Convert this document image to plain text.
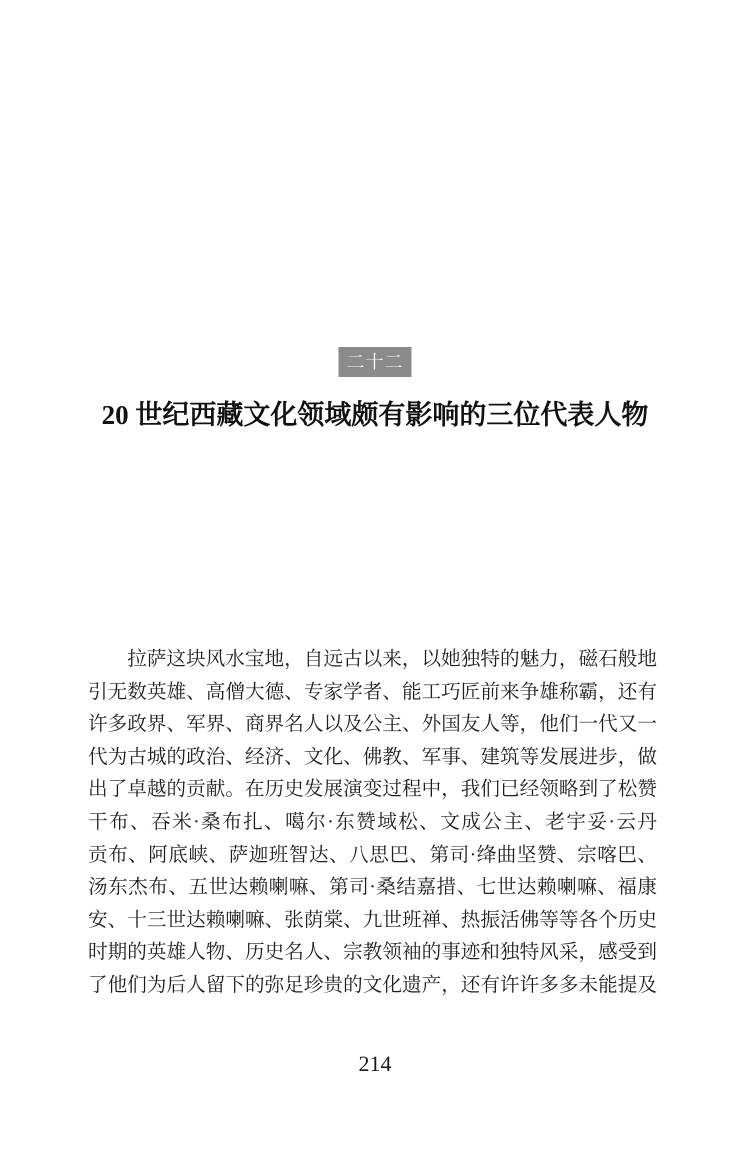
二十二
20 世纪西藏文化领域颇有影响的三位代表人物
拉萨这块风水宝地，自远古以来，以她独特的魅力，磁石般地
引无数英雄、高僧大德、专家学者、能工巧匠前来争雄称霸，还有
许多政界、军界、商界名人以及公主、外国友人等，他们一代又一
代为古城的政治、经济、文化、佛教、军事、建筑等发展进步，做
出了卓越的贡献。在历史发展演变过程中，我们已经领略到了松赞
干布、吞米·桑布扎、噶尔·东赞域松、文成公主、老宇妥·云丹
贡布、阿底峡、萨迦班智达、八思巴、第司·绛曲坚赞、宗喀巴、
汤东杰布、五世达赖喇嘛、第司·桑结嘉措、七世达赖喇嘛、福康
安、十三世达赖喇嘛、张荫棠、九世班禅、热振活佛等等各个历史
时期的英雄人物、历史名人、宗教领袖的事迹和独特风采，感受到
了他们为后人留下的弥足珍贵的文化遗产，还有许许多多未能提及
214
